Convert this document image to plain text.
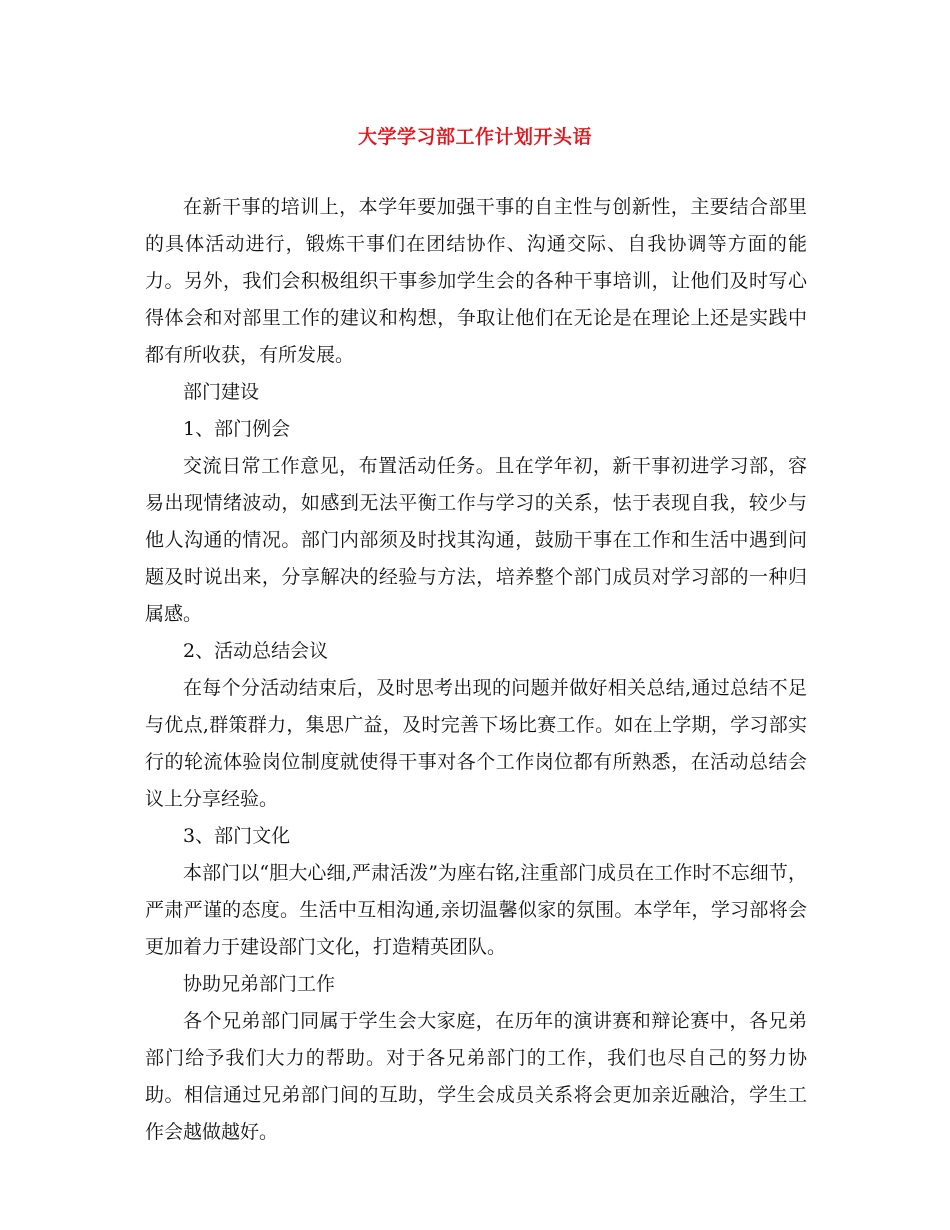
大学学习部工作计划开头语

在新干事的培训上，本学年要加强干事的自主性与创新性，主要结合部里的具体活动进行，锻炼干事们在团结协作、沟通交际、自我协调等方面的能力。另外，我们会积极组织干事参加学生会的各种干事培训，让他们及时写心得体会和对部里工作的建议和构想，争取让他们在无论是在理论上还是实践中都有所收获，有所发展。

部门建设

1、部门例会

交流日常工作意见，布置活动任务。且在学年初，新干事初进学习部，容易出现情绪波动，如感到无法平衡工作与学习的关系，怯于表现自我，较少与他人沟通的情况。部门内部须及时找其沟通，鼓励干事在工作和生活中遇到问题及时说出来，分享解决的经验与方法，培养整个部门成员对学习部的一种归属感。

2、活动总结会议

在每个分活动结束后，及时思考出现的问题并做好相关总结,通过总结不足与优点,群策群力，集思广益，及时完善下场比赛工作。如在上学期，学习部实行的轮流体验岗位制度就使得干事对各个工作岗位都有所熟悉，在活动总结会议上分享经验。

3、部门文化

本部门以“胆大心细,严肃活泼”为座右铭,注重部门成员在工作时不忘细节，严肃严谨的态度。生活中互相沟通,亲切温馨似家的氛围。本学年，学习部将会更加着力于建设部门文化，打造精英团队。

协助兄弟部门工作

各个兄弟部门同属于学生会大家庭，在历年的演讲赛和辩论赛中，各兄弟部门给予我们大力的帮助。对于各兄弟部门的工作，我们也尽自己的努力协助。相信通过兄弟部门间的互助，学生会成员关系将会更加亲近融洽，学生工作会越做越好。
